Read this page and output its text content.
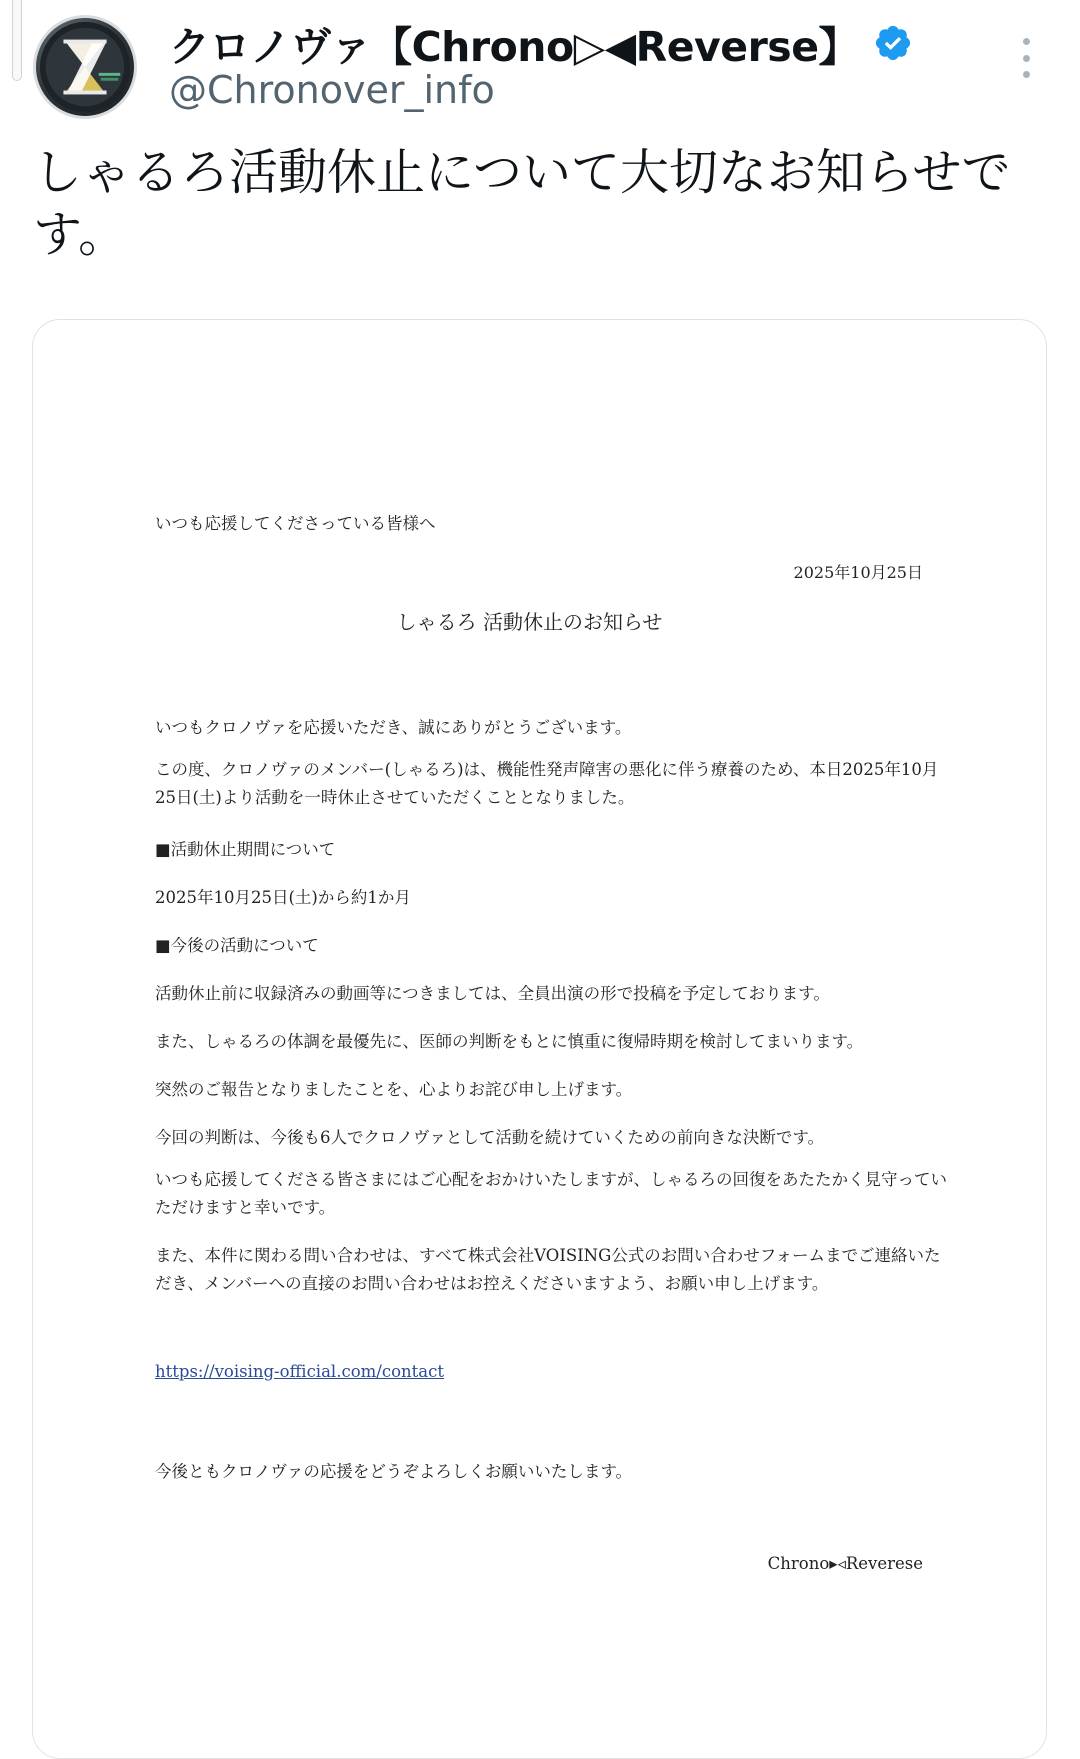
クロノヴァ【Chrono▷◀Reverse】
@Chronover_info
しゃるろ活動休止について大切なお知らせです。
いつも応援してくださっている皆様へ
2025年10月25日
しゃるろ 活動休止のお知らせ
いつもクロノヴァを応援いただき、誠にありがとうございます。
この度、クロノヴァのメンバー(しゃるろ)は、機能性発声障害の悪化に伴う療養のため、本日2025年10月25日(土)より活動を一時休止させていただくこととなりました。
■活動休止期間について
2025年10月25日(土)から約1か月
■今後の活動について
活動休止前に収録済みの動画等につきましては、全員出演の形で投稿を予定しております。
また、しゃるろの体調を最優先に、医師の判断をもとに慎重に復帰時期を検討してまいります。
突然のご報告となりましたことを、心よりお詫び申し上げます。
今回の判断は、今後も6人でクロノヴァとして活動を続けていくための前向きな決断です。
いつも応援してくださる皆さまにはご心配をおかけいたしますが、しゃるろの回復をあたたかく見守っていただけますと幸いです。
また、本件に関わる問い合わせは、すべて株式会社VOISING公式のお問い合わせフォームまでご連絡いただき、メンバーへの直接のお問い合わせはお控えくださいますよう、お願い申し上げます。
https://voising-official.com/contact
今後ともクロノヴァの応援をどうぞよろしくお願いいたします。
Chrono▸◃Reverese
